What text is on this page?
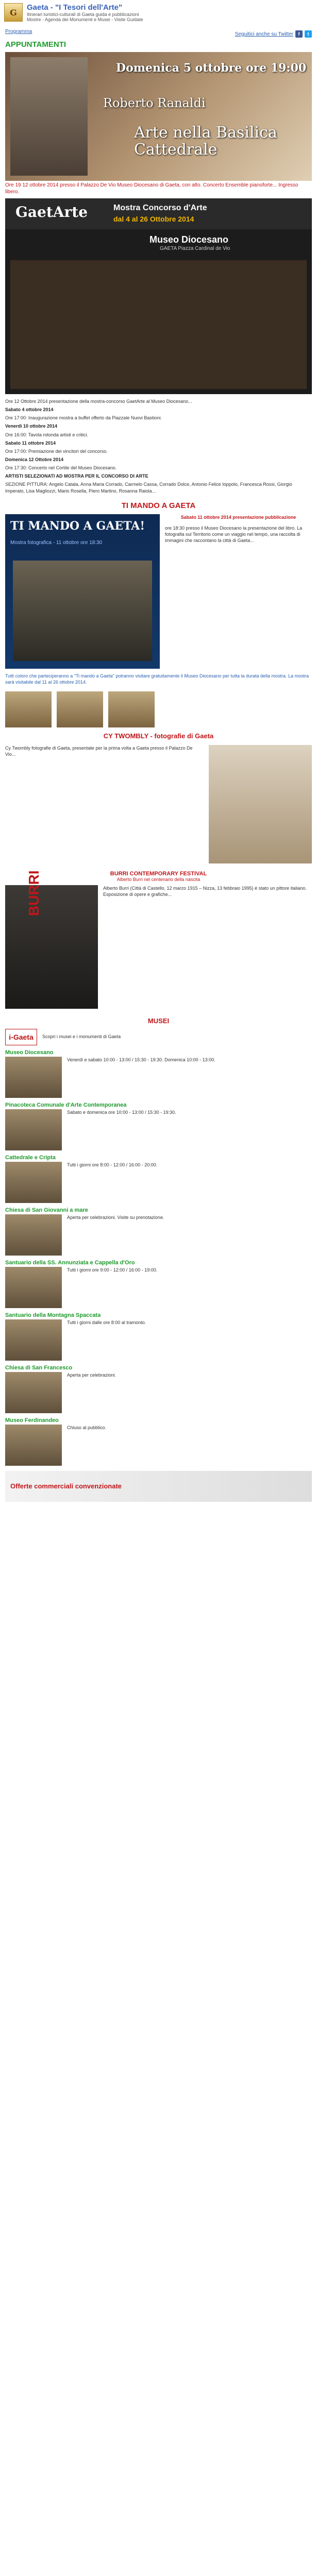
G	Gaeta - "I Tesori dell'Arte"
Itinerari turistici-culturali di Gaeta guida e pubblicazioni
Mostre - Agenda dei Monumenti e Musei - Visite Guidate
Programma	Seguitici anche su Twitter	f	t
APPUNTAMENTI
Domenica 5 ottobre ore 19:00
Roberto Ranaldi
Arte nella Basilica Cattedrale
Ore 19 12 ottobre 2014 presso il Palazzo De Vio Museo Diocesano di Gaeta, con alto. Concerto Ensemble pianoforte... Ingresso libero.
GaetArte	Mostra Concorso d'Arte
dal 4 al 26 Ottobre 2014
Museo Diocesano
GAETA Piazza Cardinal de Vio

Ore 12 Ottobre 2014 presentazione della mostra-concorso GaetArte al Museo Diocesano...

Sabato 4 ottobre 2014

Ore 17:00: Inaugurazione mostra a buffet offerto da Piazzale Nuovi Bastioni.

Venerdì 10 ottobre 2014

Ore 16:00: Tavola rotonda artisti e critici.

Sabato 11 ottobre 2014

Ore 17:00: Premiazione dei vincitori del concorso.

Domenica 12 Ottobre 2014

Ore 17:30: Concerto nel Cortile del Museo Diocesano.

ARTISTI SELEZIONATI AD MOSTRA PER IL CONCORSO DI ARTE

SEZIONE PITTURA: Angelo Catala, Anna Maria Corrado, Carmelo Cassa, Corrado Dolce, Antonio Felice Ioppolo, Francesca Rossi, Giorgio Imperato, Lisa Magliozzi, Mario Rosella, Piero Martino, Rosanna Raiola...

TI MANDO A GAETA
TI MANDO A GAETA!
Mostra fotografica - 11 ottobre ore 18:30
Sabato 11 ottobre 2014 presentazione pubblicazione

ore 18:30 presso il Museo Diocesano la presentazione del libro. La fotografia sul Territorio come un viaggio nel tempo, una raccolta di immagini che raccontano la città di Gaeta...

Tutti coloro che parteciperanno a "Ti mando a Gaeta" potranno visitare gratuitamente il Museo Diocesano per tutta la durata della mostra. La mostra sarà visitabile dal 11 al 26 ottobre 2014.

CY TWOMBLY - fotografie di Gaeta
Cy Twombly fotografie di Gaeta, presentate per la prima volta a Gaeta presso il Palazzo De Vio...
BURRI CONTEMPORARY FESTIVAL
Alberto Burri nel centenario della nascita
BURRI	Alberto Burri (Città di Castello, 12 marzo 1915 – Nizza, 13 febbraio 1995) è stato un pittore italiano. Esposizione di opere e grafiche...
MUSEI
i-Gaeta	Scopri i musei e i monumenti di Gaeta
Museo Diocesano
Venerdì e sabato 10:00 - 13:00 / 15:30 - 19:30. Domenica 10:00 - 13:00.
Pinacoteca Comunale d'Arte Contemporanea
Sabato e domenica ore 10:00 - 13:00 / 15:30 - 19:30.
Cattedrale e Cripta
Tutti i giorni ore 8:00 - 12:00 / 16:00 - 20:00.
Chiesa di San Giovanni a mare
Aperta per celebrazioni. Visite su prenotazione.
Santuario della SS. Annunziata e Cappella d'Oro
Tutti i giorni ore 9:00 - 12:00 / 16:00 - 19:00.
Santuario della Montagna Spaccata
Tutti i giorni dalle ore 8:00 al tramonto.
Chiesa di San Francesco
Aperta per celebrazioni.
Museo Ferdinandeo
Chiuso al pubblico.
Offerte commerciali convenzionate
